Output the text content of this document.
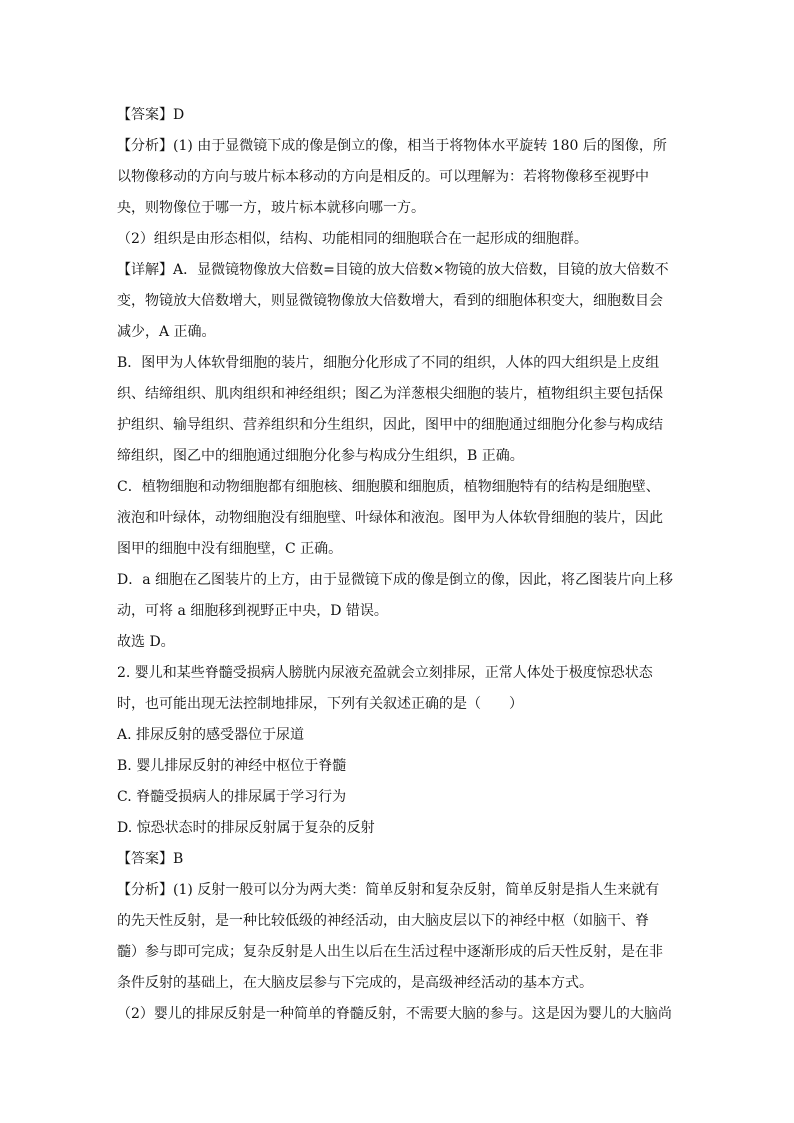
【答案】D
【分析】(1) 由于显微镜下成的像是倒立的像，相当于将物体水平旋转 180 后的图像，所
以物像移动的方向与玻片标本移动的方向是相反的。可以理解为：若将物像移至视野中
央，则物像位于哪一方，玻片标本就移向哪一方。
（2）组织是由形态相似，结构、功能相同的细胞联合在一起形成的细胞群。
【详解】A．显微镜物像放大倍数=目镜的放大倍数×物镜的放大倍数，目镜的放大倍数不
变，物镜放大倍数增大，则显微镜物像放大倍数增大，看到的细胞体积变大，细胞数目会
减少，A 正确。
B．图甲为人体软骨细胞的装片，细胞分化形成了不同的组织，人体的四大组织是上皮组
织、结缔组织、肌肉组织和神经组织；图乙为洋葱根尖细胞的装片，植物组织主要包括保
护组织、输导组织、营养组织和分生组织，因此，图甲中的细胞通过细胞分化参与构成结
缔组织，图乙中的细胞通过细胞分化参与构成分生组织，B 正确。
C．植物细胞和动物细胞都有细胞核、细胞膜和细胞质，植物细胞特有的结构是细胞壁、
液泡和叶绿体，动物细胞没有细胞壁、叶绿体和液泡。图甲为人体软骨细胞的装片，因此
图甲的细胞中没有细胞壁，C 正确。
D．a 细胞在乙图装片的上方，由于显微镜下成的像是倒立的像，因此，将乙图装片向上移
动，可将 a 细胞移到视野正中央，D 错误。
故选 D。
2. 婴儿和某些脊髓受损病人膀胱内尿液充盈就会立刻排尿，正常人体处于极度惊恐状态
时，也可能出现无法控制地排尿，下列有关叙述正确的是（　　）
A. 排尿反射的感受器位于尿道
B. 婴儿排尿反射的神经中枢位于脊髓
C. 脊髓受损病人的排尿属于学习行为
D. 惊恐状态时的排尿反射属于复杂的反射
【答案】B
【分析】(1) 反射一般可以分为两大类：简单反射和复杂反射，简单反射是指人生来就有
的先天性反射，是一种比较低级的神经活动，由大脑皮层以下的神经中枢（如脑干、脊
髓）参与即可完成；复杂反射是人出生以后在生活过程中逐渐形成的后天性反射，是在非
条件反射的基础上，在大脑皮层参与下完成的，是高级神经活动的基本方式。
（2）婴儿的排尿反射是一种简单的脊髓反射，不需要大脑的参与。这是因为婴儿的大脑尚
